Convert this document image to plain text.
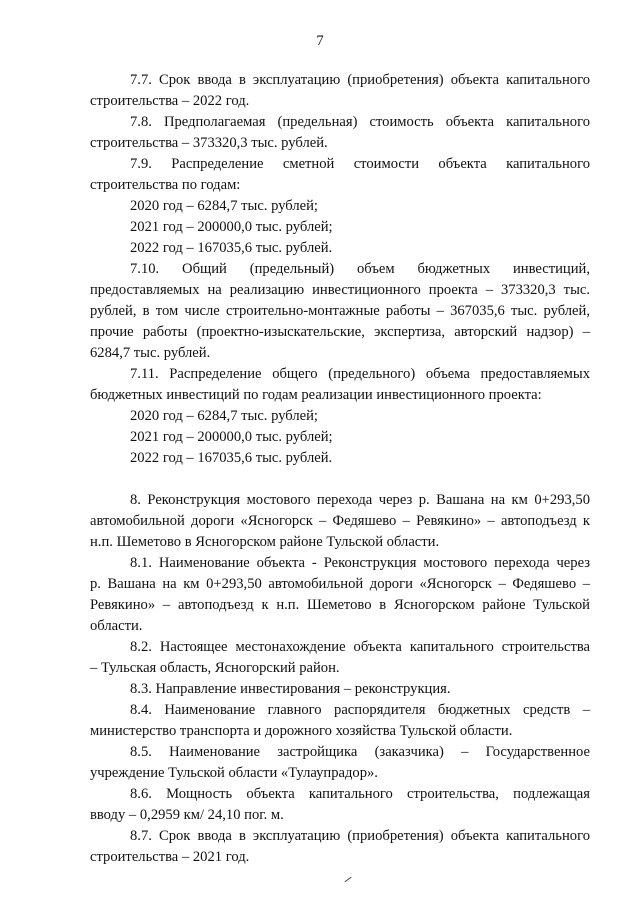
7
7.7. Срок ввода в эксплуатацию (приобретения) объекта капитального
строительства – 2022 год.
7.8. Предполагаемая (предельная) стоимость объекта капитального
строительства – 373320,3 тыс. рублей.
7.9. Распределение сметной стоимости объекта капитального
строительства по годам:
2020 год – 6284,7 тыс. рублей;
2021 год – 200000,0 тыс. рублей;
2022 год – 167035,6 тыс. рублей.
7.10. Общий (предельный) объем бюджетных инвестиций,
предоставляемых на реализацию инвестиционного проекта – 373320,3 тыс.
рублей, в том числе строительно-монтажные работы – 367035,6 тыс. рублей,
прочие работы (проектно-изыскательские, экспертиза, авторский надзор) –
6284,7 тыс. рублей.
7.11. Распределение общего (предельного) объема предоставляемых
бюджетных инвестиций по годам реализации инвестиционного проекта:
2020 год – 6284,7 тыс. рублей;
2021 год – 200000,0 тыс. рублей;
2022 год – 167035,6 тыс. рублей.
8. Реконструкция мостового перехода через р. Вашана на км 0+293,50
автомобильной дороги «Ясногорск – Федяшево – Ревякино» – автоподъезд к
н.п. Шеметово в Ясногорском районе Тульской области.
8.1. Наименование объекта - Реконструкция мостового перехода через
р. Вашана на км 0+293,50 автомобильной дороги «Ясногорск – Федяшево –
Ревякино» – автоподъезд к н.п. Шеметово в Ясногорском районе Тульской
области.
8.2. Настоящее местонахождение объекта капитального строительства
– Тульская область, Ясногорский район.
8.3. Направление инвестирования – реконструкция.
8.4. Наименование главного распорядителя бюджетных средств –
министерство транспорта и дорожного хозяйства Тульской области.
8.5. Наименование застройщика (заказчика) – Государственное
учреждение Тульской области «Тулаупрадор».
8.6. Мощность объекта капитального строительства, подлежащая
вводу – 0,2959 км/ 24,10 пог. м.
8.7. Срок ввода в эксплуатацию (приобретения) объекта капитального
строительства – 2021 год.
